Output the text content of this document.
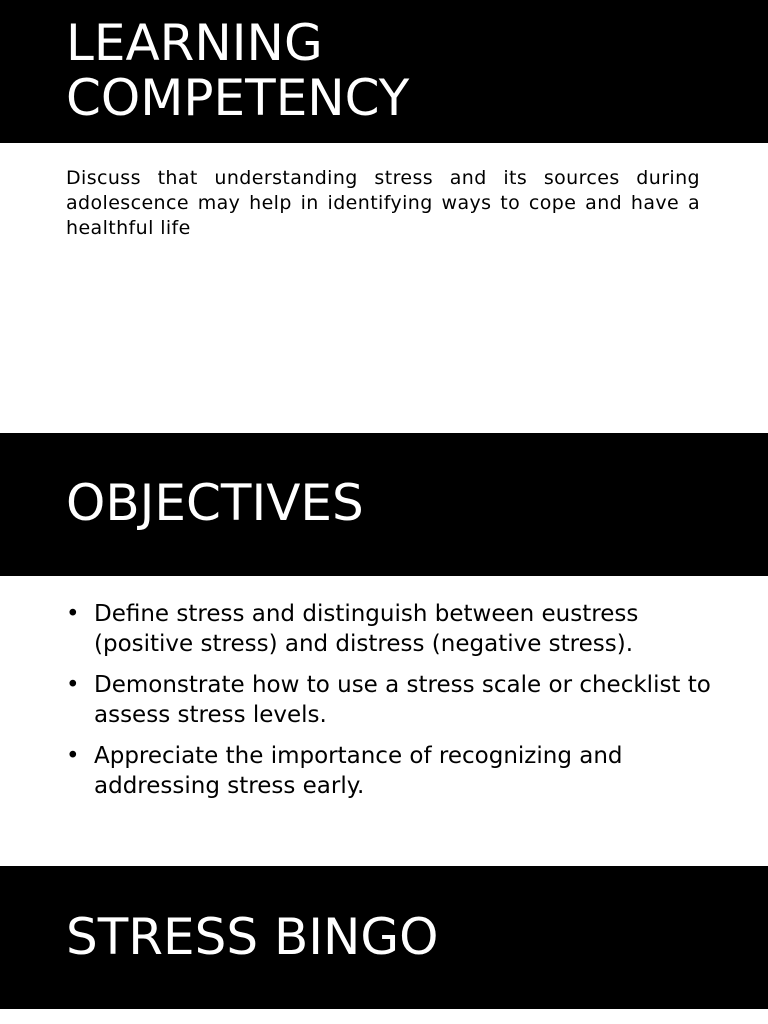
LEARNING
COMPETENCY

Discuss that understanding stress and its sources during adolescence may help in identifying ways to cope and have a healthful life

OBJECTIVES
• Define stress and distinguish between eustress (positive stress) and distress (negative stress).
• Demonstrate how to use a stress scale or checklist to assess stress levels.
• Appreciate the importance of recognizing and addressing stress early.
STRESS BINGO
